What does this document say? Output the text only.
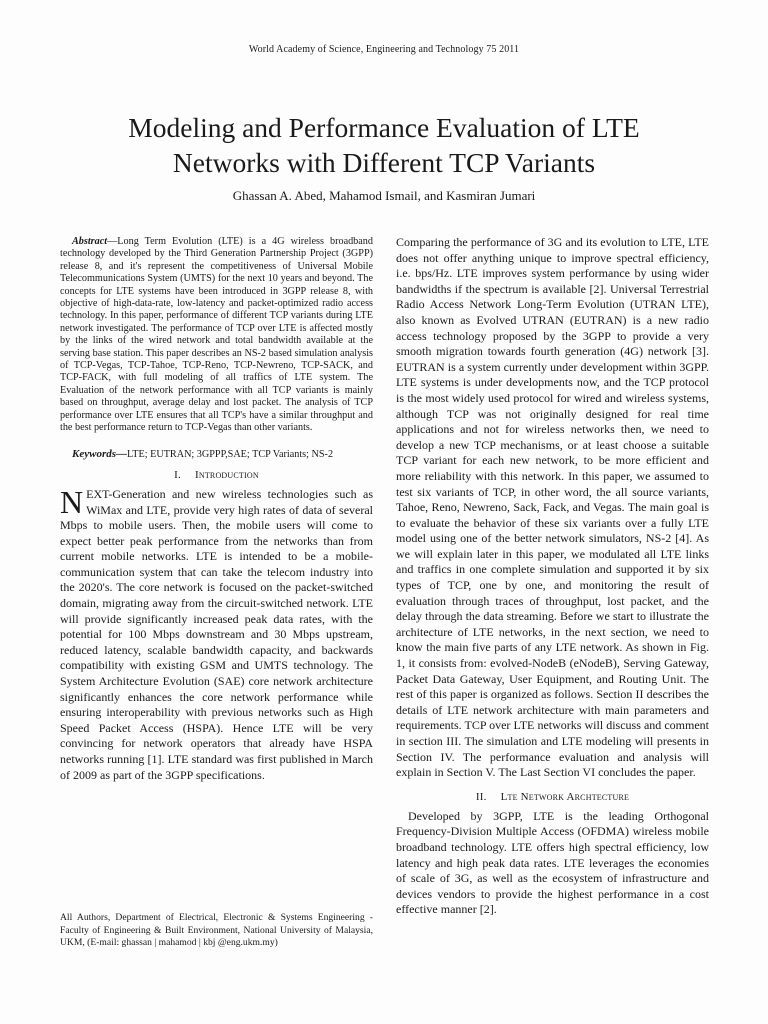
World Academy of Science, Engineering and Technology 75 2011
Modeling and Performance Evaluation of LTE
Networks with Different TCP Variants
Ghassan A. Abed, Mahamod Ismail, and Kasmiran Jumari

Abstract—Long Term Evolution (LTE) is a 4G wireless broadband technology developed by the Third Generation Partnership Project (3GPP) release 8, and it's represent the competitiveness of Universal Mobile Telecommunications System (UMTS) for the next 10 years and beyond. The concepts for LTE systems have been introduced in 3GPP release 8, with objective of high-data-rate, low-latency and packet-optimized radio access technology. In this paper, performance of different TCP variants during LTE network investigated. The performance of TCP over LTE is affected mostly by the links of the wired network and total bandwidth available at the serving base station. This paper describes an NS-2 based simulation analysis of TCP-Vegas, TCP-Tahoe, TCP-Reno, TCP-Newreno, TCP-SACK, and TCP-FACK, with full modeling of all traffics of LTE system. The Evaluation of the network performance with all TCP variants is mainly based on throughput, average delay and lost packet. The analysis of TCP performance over LTE ensures that all TCP's have a similar throughput and the best performance return to TCP-Vegas than other variants.

Keywords—LTE; EUTRAN; 3GPPP,SAE; TCP Variants; NS-2

I. Introduction

NEXT-Generation and new wireless technologies such as WiMax and LTE, provide very high rates of data of several Mbps to mobile users. Then, the mobile users will come to expect better peak performance from the networks than from current mobile networks. LTE is intended to be a mobile-communication system that can take the telecom industry into the 2020's. The core network is focused on the packet-switched domain, migrating away from the circuit-switched network. LTE will provide significantly increased peak data rates, with the potential for 100 Mbps downstream and 30 Mbps upstream, reduced latency, scalable bandwidth capacity, and backwards compatibility with existing GSM and UMTS technology. The System Architecture Evolution (SAE) core network architecture significantly enhances the core network performance while ensuring interoperability with previous networks such as High Speed Packet Access (HSPA). Hence LTE will be very convincing for network operators that already have HSPA networks running [1]. LTE standard was first published in March of 2009 as part of the 3GPP specifications.

All Authors, Department of Electrical, Electronic & Systems Engineering - Faculty of Engineering & Built Environment, National University of Malaysia, UKM, (E-mail: ghassan | mahamod | kbj @eng.ukm.my)

Comparing the performance of 3G and its evolution to LTE, LTE does not offer anything unique to improve spectral efficiency, i.e. bps/Hz. LTE improves system performance by using wider bandwidths if the spectrum is available [2]. Universal Terrestrial Radio Access Network Long-Term Evolution (UTRAN LTE), also known as Evolved UTRAN (EUTRAN) is a new radio access technology proposed by the 3GPP to provide a very smooth migration towards fourth generation (4G) network [3]. EUTRAN is a system currently under development within 3GPP. LTE systems is under developments now, and the TCP protocol is the most widely used protocol for wired and wireless systems, although TCP was not originally designed for real time applications and not for wireless networks then, we need to develop a new TCP mechanisms, or at least choose a suitable TCP variant for each new network, to be more efficient and more reliability with this network. In this paper, we assumed to test six variants of TCP, in other word, the all source variants, Tahoe, Reno, Newreno, Sack, Fack, and Vegas. The main goal is to evaluate the behavior of these six variants over a fully LTE model using one of the better network simulators, NS-2 [4]. As we will explain later in this paper, we modulated all LTE links and traffics in one complete simulation and supported it by six types of TCP, one by one, and monitoring the result of evaluation through traces of throughput, lost packet, and the delay through the data streaming. Before we start to illustrate the architecture of LTE networks, in the next section, we need to know the main five parts of any LTE network. As shown in Fig. 1, it consists from: evolved-NodeB (eNodeB), Serving Gateway, Packet Data Gateway, User Equipment, and Routing Unit. The rest of this paper is organized as follows. Section II describes the details of LTE network architecture with main parameters and requirements. TCP over LTE networks will discuss and comment in section III. The simulation and LTE modeling will presents in Section IV. The performance evaluation and analysis will explain in Section V. The Last Section VI concludes the paper.

II. Lte Network Archtecture

Developed by 3GPP, LTE is the leading Orthogonal Frequency-Division Multiple Access (OFDMA) wireless mobile broadband technology. LTE offers high spectral efficiency, low latency and high peak data rates. LTE leverages the economies of scale of 3G, as well as the ecosystem of infrastructure and devices vendors to provide the highest performance in a cost effective manner [2].
